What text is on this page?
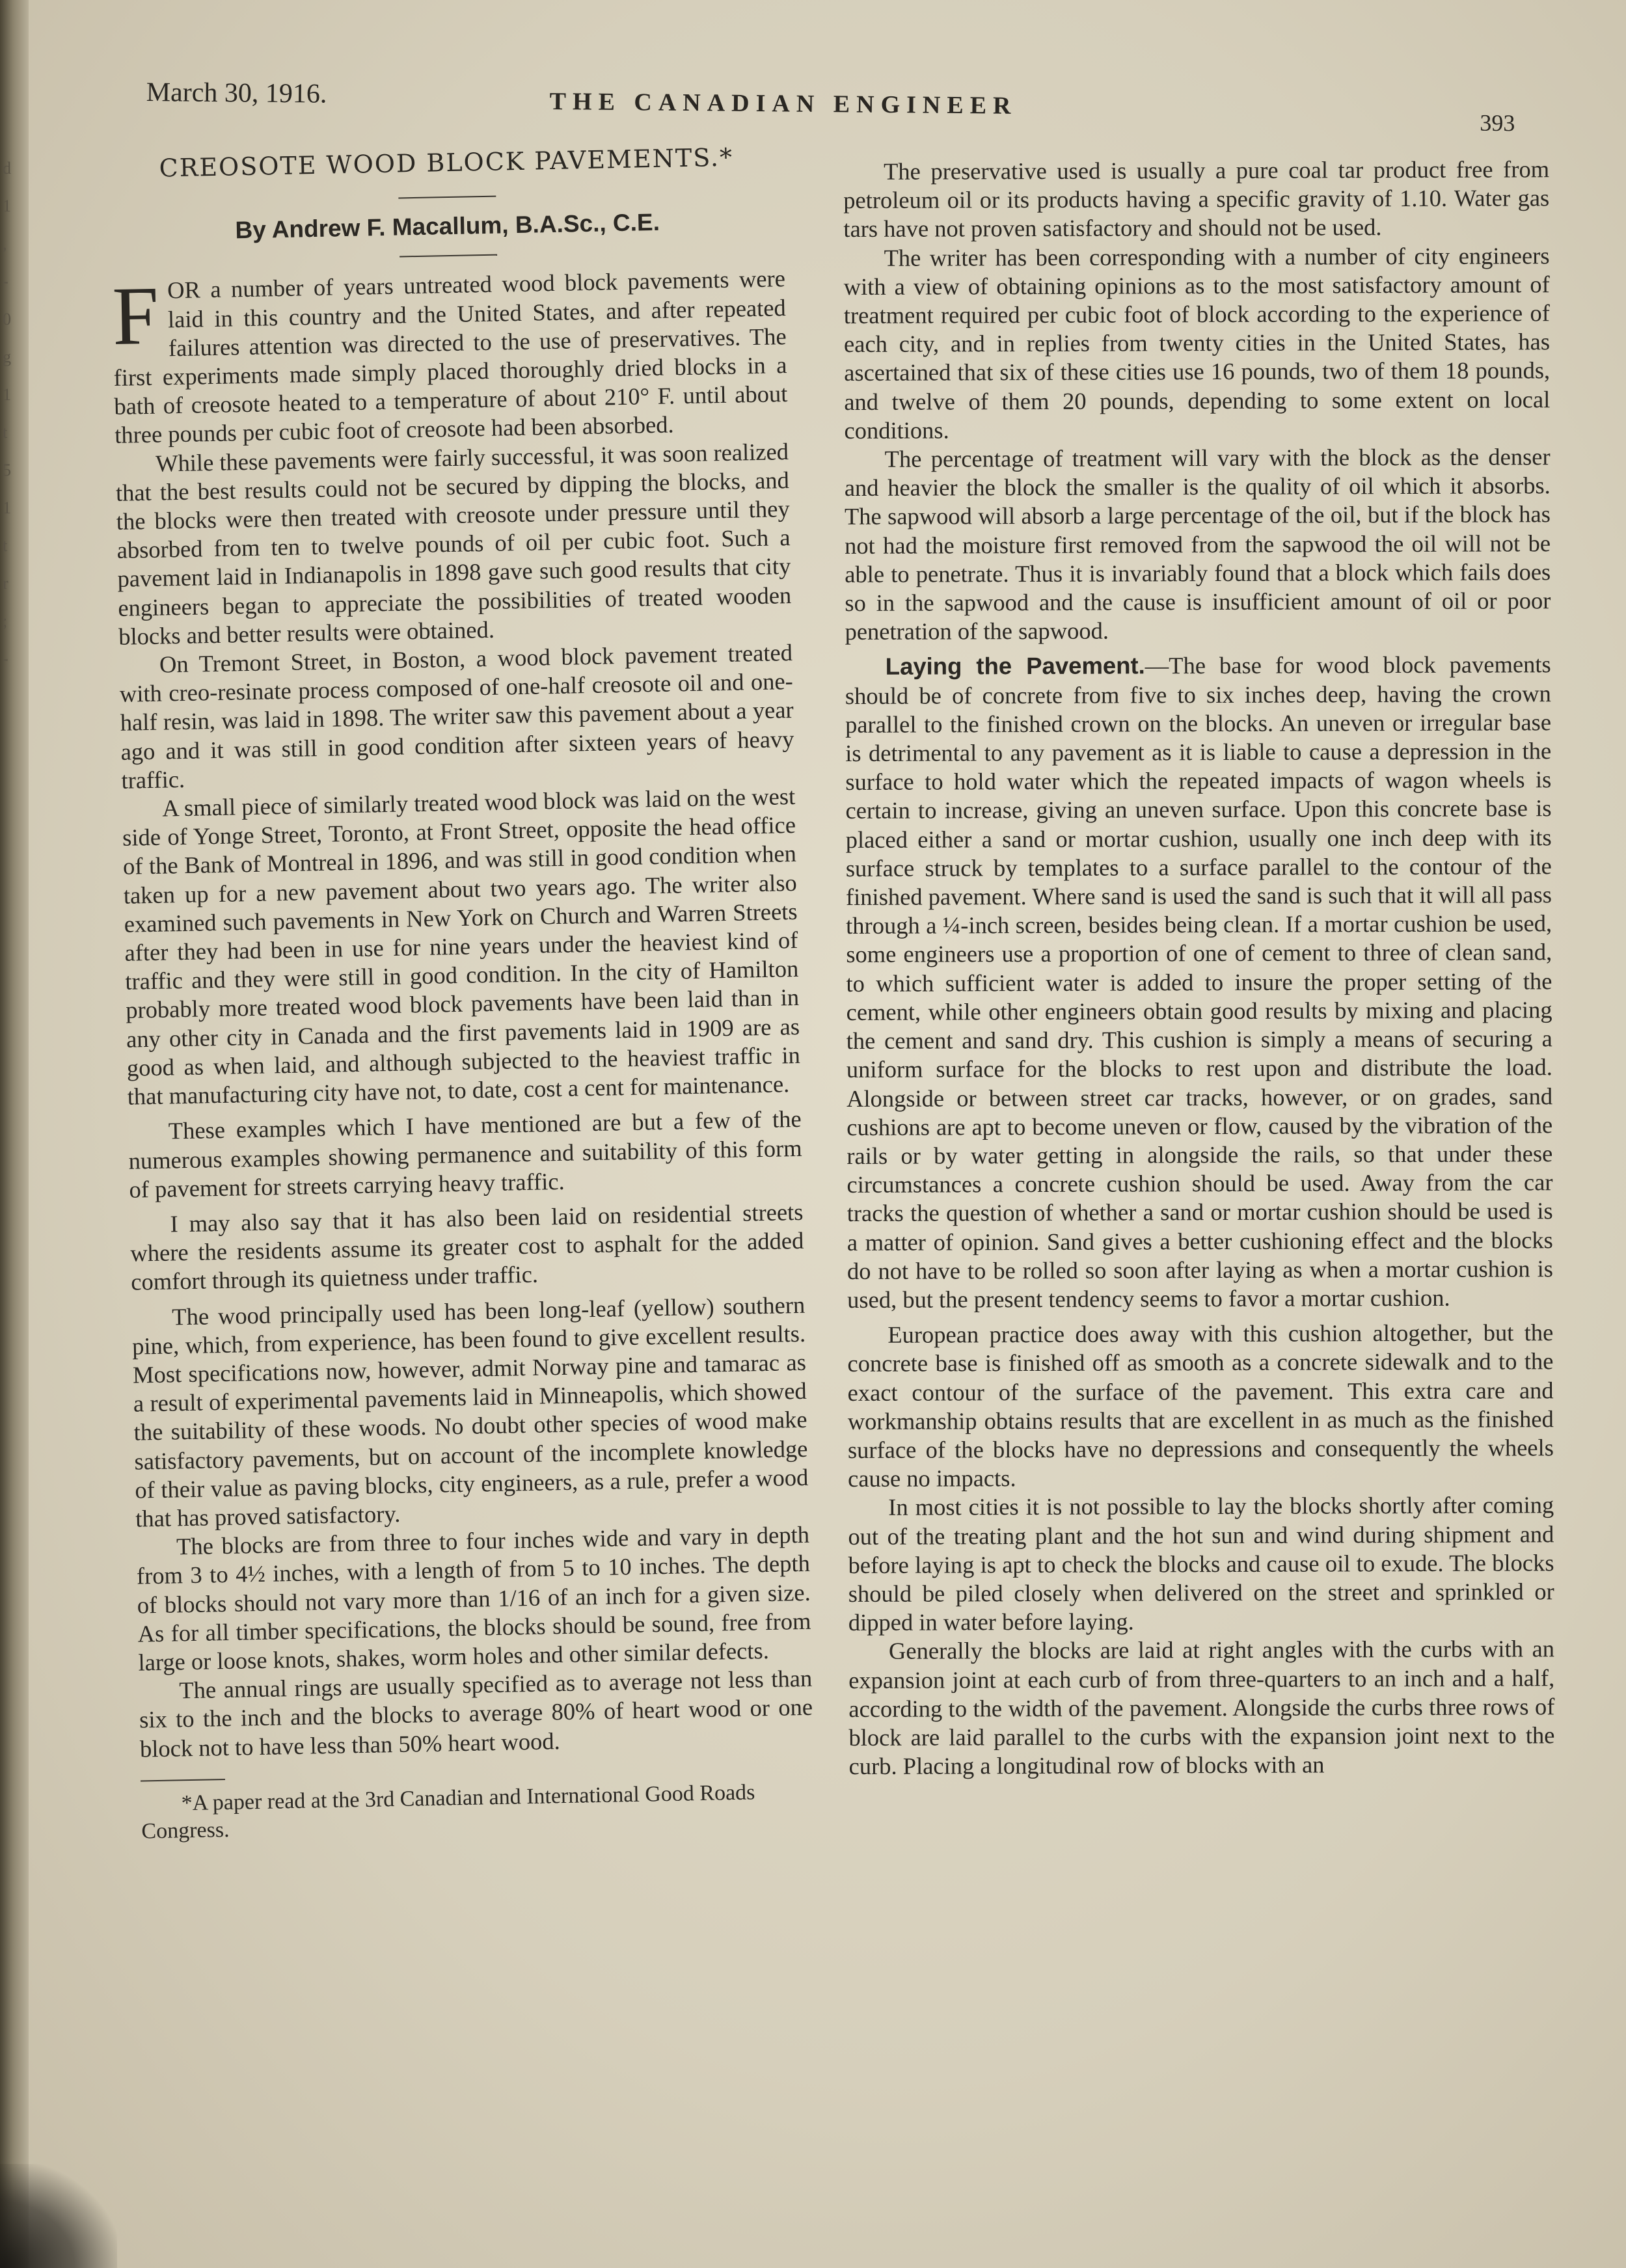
d
1
,
-
0
g
1
t
5
1
t
r
;
-
March 30, 1916.	THE CANADIAN ENGINEER
393
CREOSOTE WOOD BLOCK PAVEMENTS.*
By Andrew F. Macallum, B.A.Sc., C.E.

FOR a number of years untreated wood block pavements were laid in this country and the United States, and after repeated failures attention was directed to the use of preservatives. The first experiments made simply placed thoroughly dried blocks in a bath of creosote heated to a temperature of about 210° F. until about three pounds per cubic foot of creosote had been absorbed.

While these pavements were fairly successful, it was soon realized that the best results could not be secured by dipping the blocks, and the blocks were then treated with creosote under pressure until they absorbed from ten to twelve pounds of oil per cubic foot. Such a pavement laid in Indianapolis in 1898 gave such good results that city engineers began to appreciate the possibilities of treated wooden blocks and better results were obtained.

On Tremont Street, in Boston, a wood block pavement treated with creo-resinate process composed of one-half creosote oil and one-half resin, was laid in 1898. The writer saw this pavement about a year ago and it was still in good condition after sixteen years of heavy traffic.

A small piece of similarly treated wood block was laid on the west side of Yonge Street, Toronto, at Front Street, opposite the head office of the Bank of Montreal in 1896, and was still in good condition when taken up for a new pavement about two years ago. The writer also examined such pavements in New York on Church and Warren Streets after they had been in use for nine years under the heaviest kind of traffic and they were still in good condition. In the city of Hamilton probably more treated wood block pavements have been laid than in any other city in Canada and the first pavements laid in 1909 are as good as when laid, and although subjected to the heaviest traffic in that manufacturing city have not, to date, cost a cent for maintenance.

These examples which I have mentioned are but a few of the numerous examples showing permanence and suitability of this form of pavement for streets carrying heavy traffic.

I may also say that it has also been laid on residential streets where the residents assume its greater cost to asphalt for the added comfort through its quietness under traffic.

The wood principally used has been long-leaf (yellow) southern pine, which, from experience, has been found to give excellent results. Most specifications now, however, admit Norway pine and tamarac as a result of experimental pavements laid in Minneapolis, which showed the suitability of these woods. No doubt other species of wood make satisfactory pavements, but on account of the incomplete knowledge of their value as paving blocks, city engineers, as a rule, prefer a wood that has proved satisfactory.

The blocks are from three to four inches wide and vary in depth from 3 to 4½ inches, with a length of from 5 to 10 inches. The depth of blocks should not vary more than 1/16 of an inch for a given size. As for all timber specifications, the blocks should be sound, free from large or loose knots, shakes, worm holes and other similar defects.

The annual rings are usually specified as to average not less than six to the inch and the blocks to average 80% of heart wood or one block not to have less than 50% heart wood.

*A paper read at the 3rd Canadian and International Good Roads Congress.

The preservative used is usually a pure coal tar product free from petroleum oil or its products having a specific gravity of 1.10. Water gas tars have not proven satisfactory and should not be used.

The writer has been corresponding with a number of city engineers with a view of obtaining opinions as to the most satisfactory amount of treatment required per cubic foot of block according to the experience of each city, and in replies from twenty cities in the United States, has ascertained that six of these cities use 16 pounds, two of them 18 pounds, and twelve of them 20 pounds, depending to some extent on local conditions.

The percentage of treatment will vary with the block as the denser and heavier the block the smaller is the quality of oil which it absorbs. The sapwood will absorb a large percentage of the oil, but if the block has not had the moisture first removed from the sapwood the oil will not be able to penetrate. Thus it is invariably found that a block which fails does so in the sapwood and the cause is insufficient amount of oil or poor penetration of the sapwood.

Laying the Pavement.—The base for wood block pavements should be of concrete from five to six inches deep, having the crown parallel to the finished crown on the blocks. An uneven or irregular base is detrimental to any pavement as it is liable to cause a depression in the surface to hold water which the repeated impacts of wagon wheels is certain to increase, giving an uneven surface. Upon this concrete base is placed either a sand or mortar cushion, usually one inch deep with its surface struck by templates to a surface parallel to the contour of the finished pavement. Where sand is used the sand is such that it will all pass through a ¼-inch screen, besides being clean. If a mortar cushion be used, some engineers use a proportion of one of cement to three of clean sand, to which sufficient water is added to insure the proper setting of the cement, while other engineers obtain good results by mixing and placing the cement and sand dry. This cushion is simply a means of securing a uniform surface for the blocks to rest upon and distribute the load. Alongside or between street car tracks, however, or on grades, sand cushions are apt to become uneven or flow, caused by the vibration of the rails or by water getting in alongside the rails, so that under these circumstances a concrete cushion should be used. Away from the car tracks the question of whether a sand or mortar cushion should be used is a matter of opinion. Sand gives a better cushioning effect and the blocks do not have to be rolled so soon after laying as when a mortar cushion is used, but the present tendency seems to favor a mortar cushion.

European practice does away with this cushion altogether, but the concrete base is finished off as smooth as a concrete sidewalk and to the exact contour of the surface of the pavement. This extra care and workmanship obtains results that are excellent in as much as the finished surface of the blocks have no depressions and consequently the wheels cause no impacts.

In most cities it is not possible to lay the blocks shortly after coming out of the treating plant and the hot sun and wind during shipment and before laying is apt to check the blocks and cause oil to exude. The blocks should be piled closely when delivered on the street and sprinkled or dipped in water before laying.

Generally the blocks are laid at right angles with the curbs with an expansion joint at each curb of from three-quarters to an inch and a half, according to the width of the pavement. Alongside the curbs three rows of block are laid parallel to the curbs with the expansion joint next to the curb. Placing a longitudinal row of blocks with an
